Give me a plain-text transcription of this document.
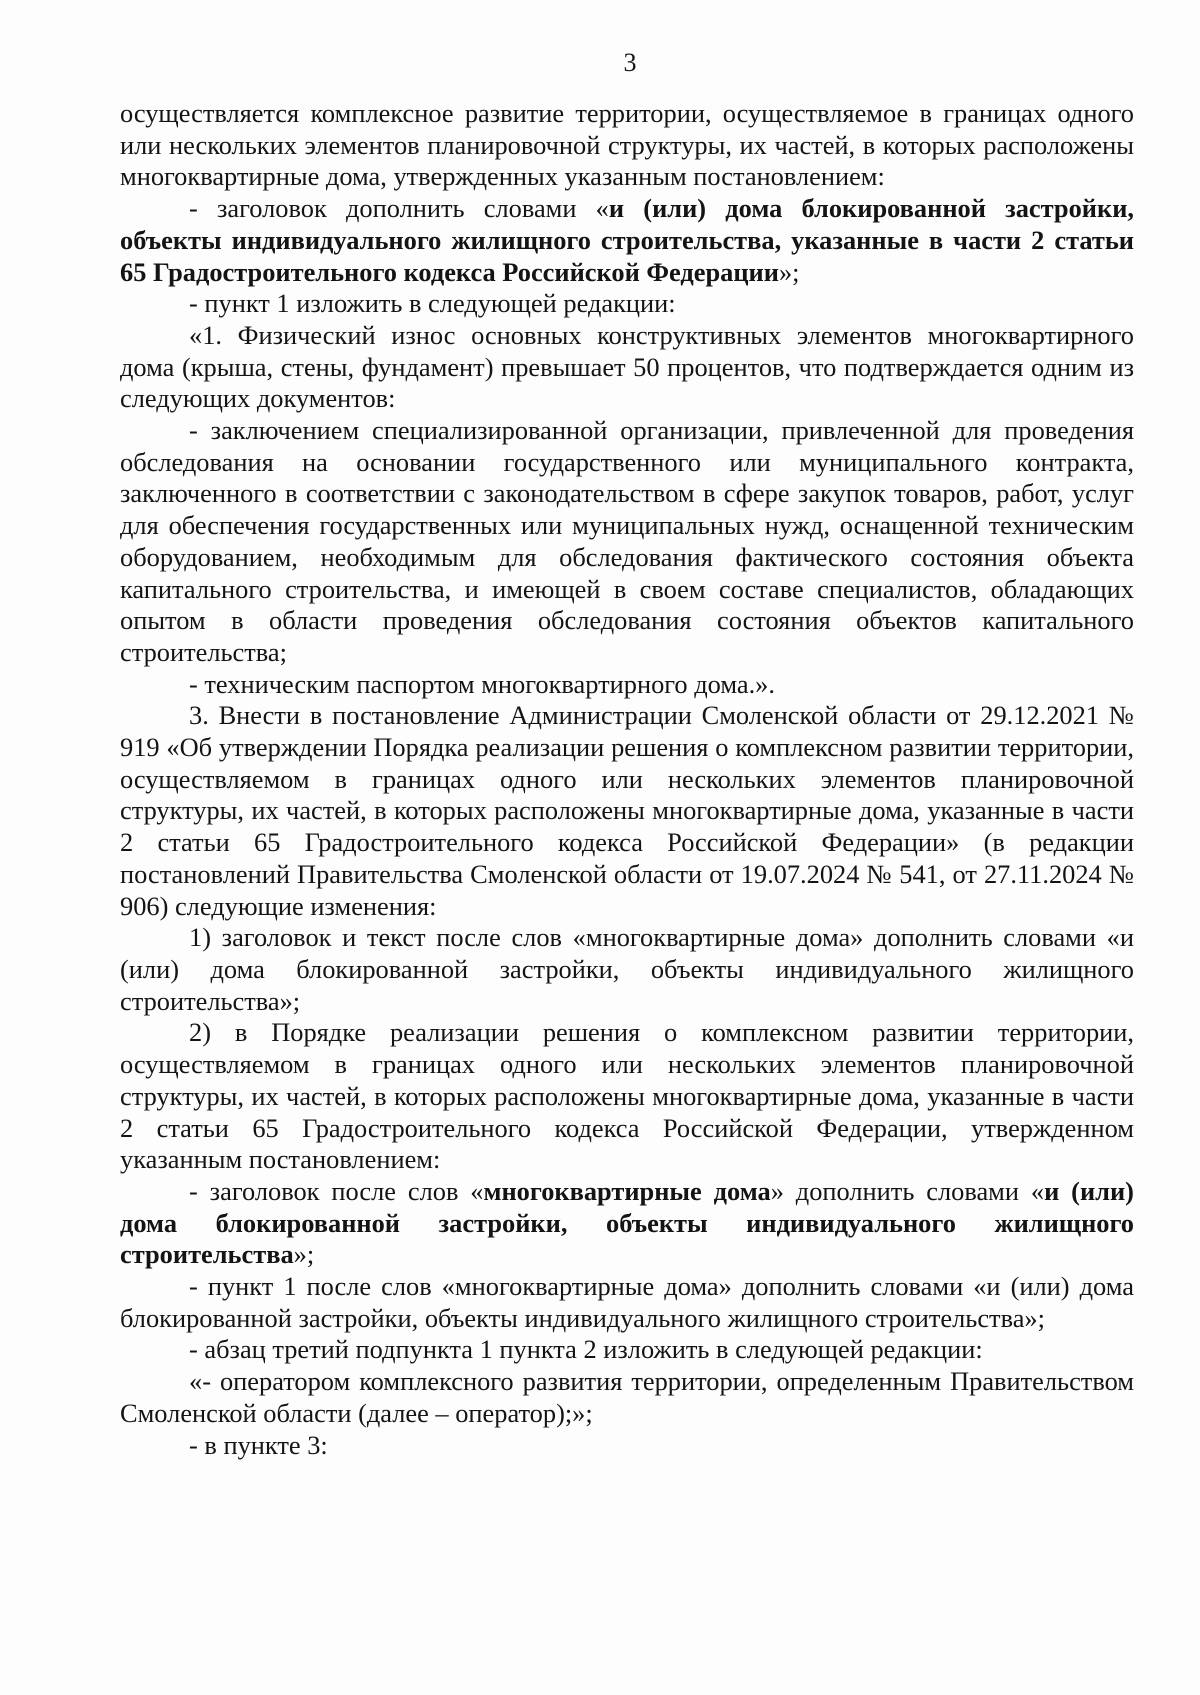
3

осуществляется комплексное развитие территории, осуществляемое в границах одного или нескольких элементов планировочной структуры, их частей, в которых расположены многоквартирные дома, утвержденных указанным постановлением:

- заголовок дополнить словами «и (или) дома блокированной застройки, объекты индивидуального жилищного строительства, указанные в части 2 статьи 65 Градостроительного кодекса Российской Федерации»;

- пункт 1 изложить в следующей редакции:

«1. Физический износ основных конструктивных элементов многоквартирного дома (крыша, стены, фундамент) превышает 50 процентов, что подтверждается одним из следующих документов:

- заключением специализированной организации, привлеченной для проведения обследования на основании государственного или муниципального контракта, заключенного в соответствии с законодательством в сфере закупок товаров, работ, услуг для обеспечения государственных или муниципальных нужд, оснащенной техническим оборудованием, необходимым для обследования фактического состояния объекта капитального строительства, и имеющей в своем составе специалистов, обладающих опытом в области проведения обследования состояния объектов капитального строительства;

- техническим паспортом многоквартирного дома.».

3. Внести в постановление Администрации Смоленской области от 29.12.2021 № 919 «Об утверждении Порядка реализации решения о комплексном развитии территории, осуществляемом в границах одного или нескольких элементов планировочной структуры, их частей, в которых расположены многоквартирные дома, указанные в части 2 статьи 65 Градостроительного кодекса Российской Федерации» (в редакции постановлений Правительства Смоленской области от 19.07.2024 № 541, от 27.11.2024 № 906) следующие изменения:

1) заголовок и текст после слов «многоквартирные дома» дополнить словами «и (или) дома блокированной застройки, объекты индивидуального жилищного строительства»;

2) в Порядке реализации решения о комплексном развитии территории, осуществляемом в границах одного или нескольких элементов планировочной структуры, их частей, в которых расположены многоквартирные дома, указанные в части 2 статьи 65 Градостроительного кодекса Российской Федерации, утвержденном указанным постановлением:

- заголовок после слов «многоквартирные дома» дополнить словами «и (или) дома блокированной застройки, объекты индивидуального жилищного строительства»;

- пункт 1 после слов «многоквартирные дома» дополнить словами «и (или) дома блокированной застройки, объекты индивидуального жилищного строительства»;

- абзац третий подпункта 1 пункта 2 изложить в следующей редакции:

«- оператором комплексного развития территории, определенным Правительством Смоленской области (далее – оператор);»;

- в пункте 3:
